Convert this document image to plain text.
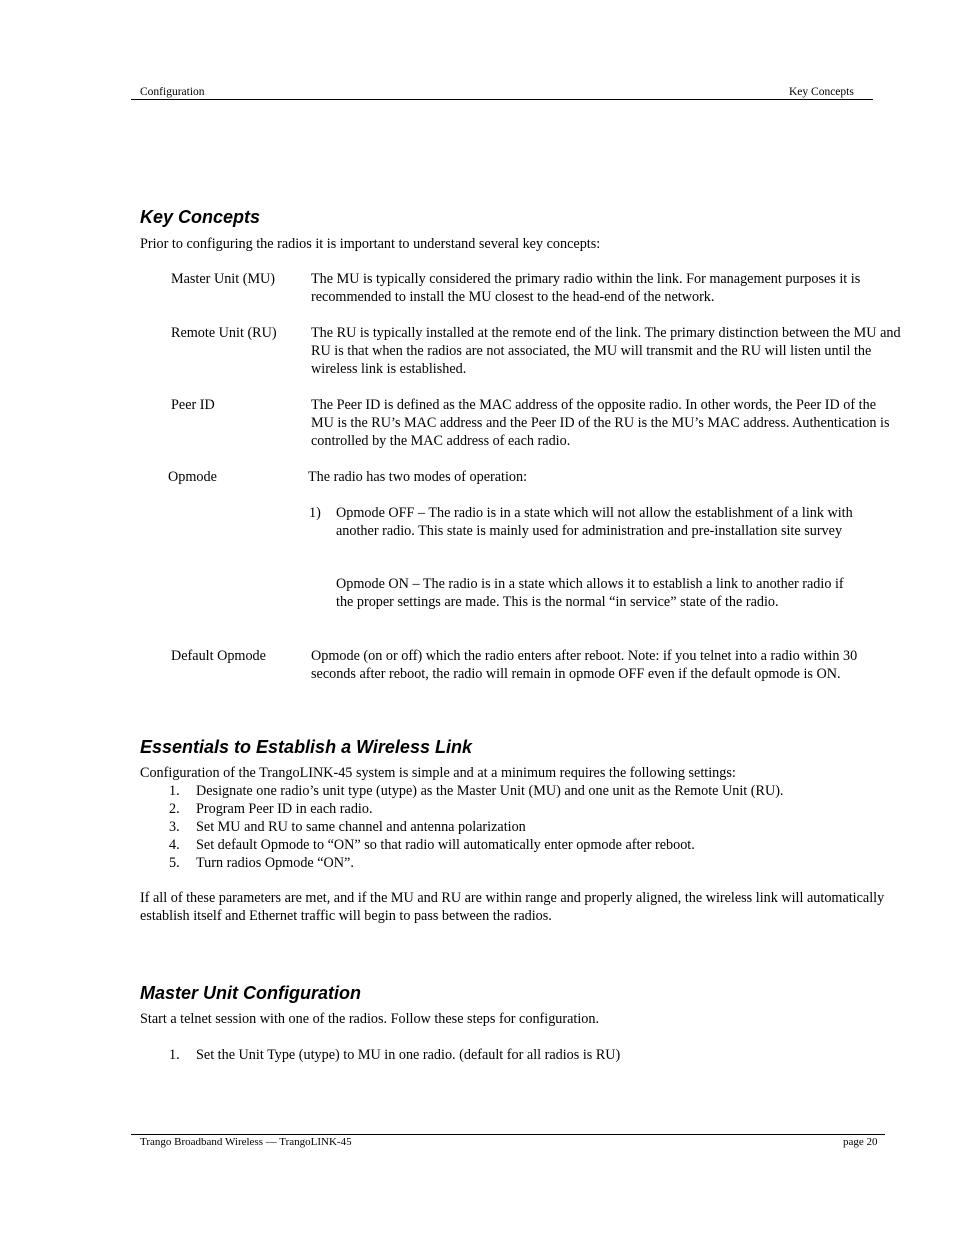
Configuration	Key Concepts
Key Concepts
Prior to configuring the radios it is important to understand several key concepts:
Master Unit (MU)	The MU is typically considered the primary radio within the link. For management purposes it is recommended to install the MU closest to the head-end of the network.
Remote Unit (RU) The RU is typically installed at the remote end of the link. The primary distinction between the MU and RU is that when the radios are not associated, the MU will transmit and the RU will listen until the wireless link is established.
Peer ID	The Peer ID is defined as the MAC address of the opposite radio. In other words, the Peer ID of the MU is the RU’s MAC address and the Peer ID of the RU is the MU’s MAC address. Authentication is controlled by the MAC address of each radio.
Opmode	The radio has two modes of operation:
1) Opmode OFF – The radio is in a state which will not allow the establishment of a link with another radio. This state is mainly used for administration and pre-installation site survey
Opmode ON – The radio is in a state which allows it to establish a link to another radio if the proper settings are made. This is the normal “in service” state of the radio.
Default Opmode	Opmode (on or off) which the radio enters after reboot. Note: if you telnet into a radio within 30 seconds after reboot, the radio will remain in opmode OFF even if the default opmode is ON.
Essentials to Establish a Wireless Link
Configuration of the TrangoLINK-45 system is simple and at a minimum requires the following settings:
1. Designate one radio’s unit type (utype) as the Master Unit (MU) and one unit as the Remote Unit (RU).
2. Program Peer ID in each radio.
3. Set MU and RU to same channel and antenna polarization
4. Set default Opmode to “ON” so that radio will automatically enter opmode after reboot.
5. Turn radios Opmode “ON”.
If all of these parameters are met, and if the MU and RU are within range and properly aligned, the wireless link will automatically establish itself and Ethernet traffic will begin to pass between the radios.
Master Unit Configuration
Start a telnet session with one of the radios. Follow these steps for configuration.
1. Set the Unit Type (utype) to MU in one radio. (default for all radios is RU)
Trango Broadband Wireless — TrangoLINK-45	page 20
